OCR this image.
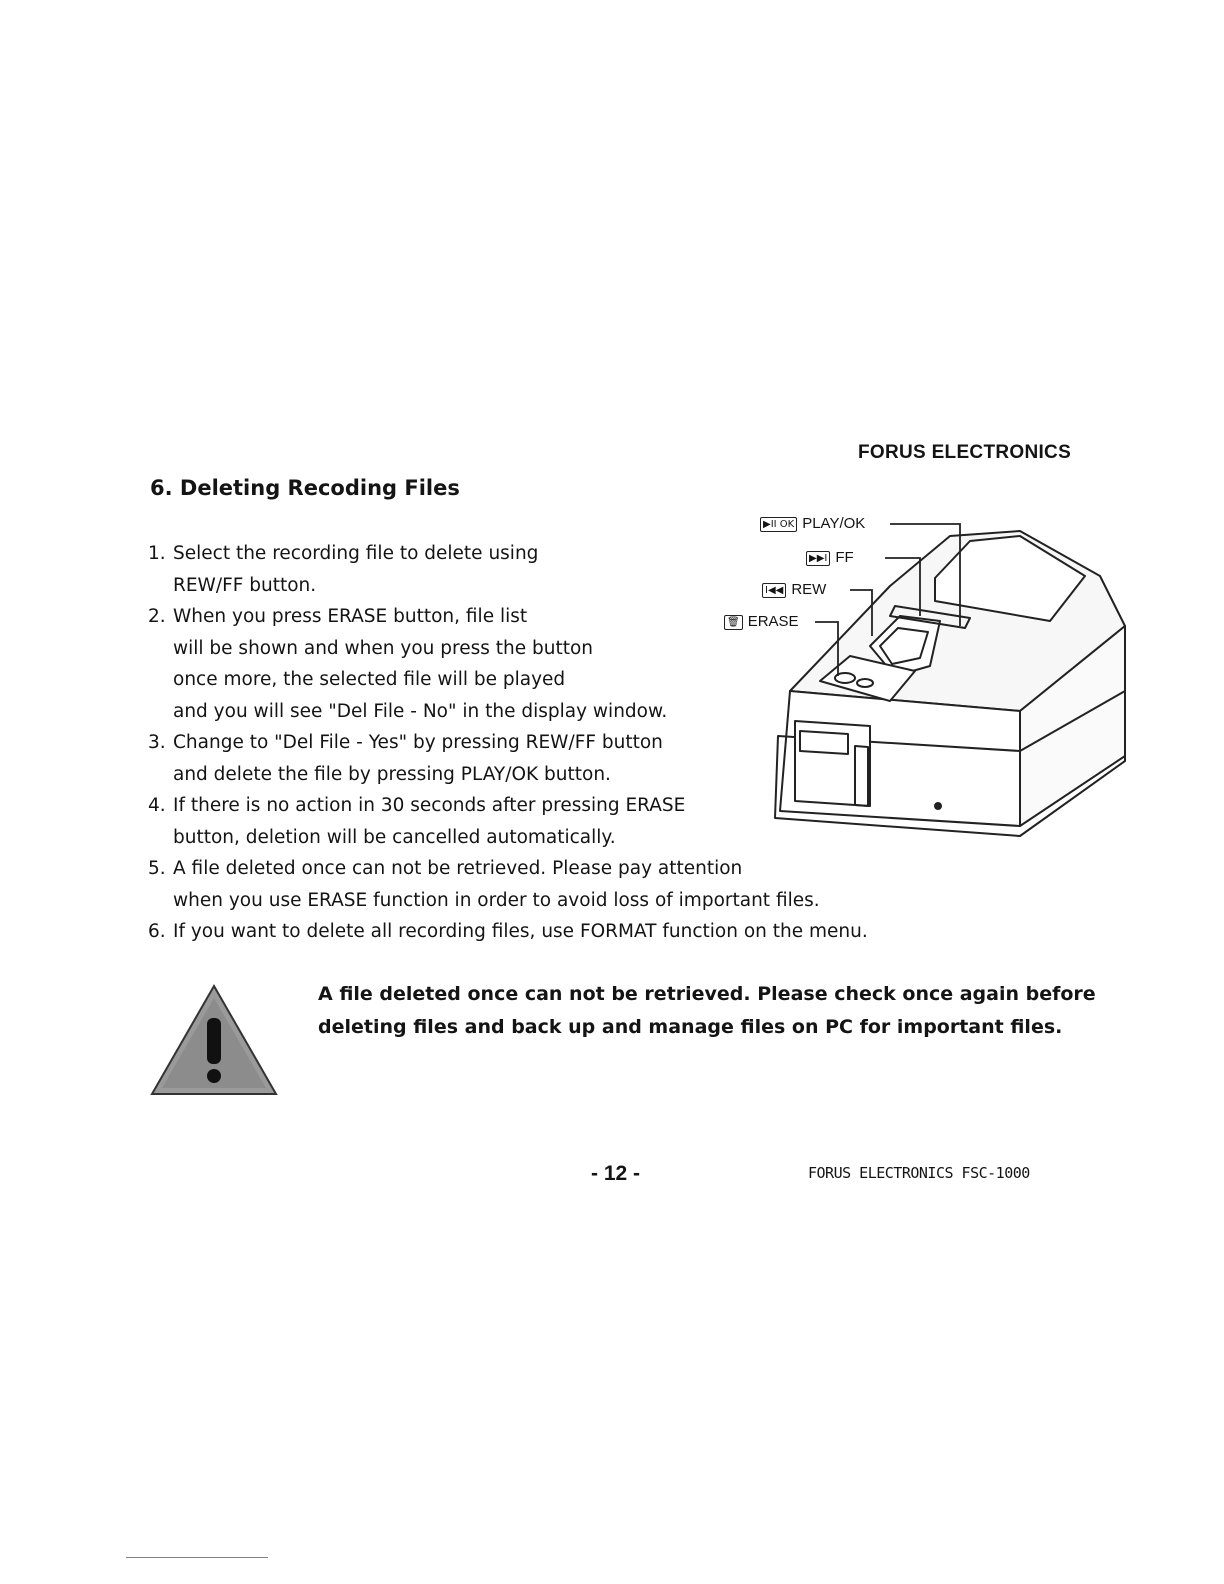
FORUS ELECTRONICS
6. Deleting Recoding Files
1. Select the recording file to delete using
REW/FF button.
2. When you press ERASE button, file list
will be shown and when you press the button
once more, the selected file will be played
and you will see "Del File - No" in the display window.
3. Change to "Del File - Yes" by pressing REW/FF button
and delete the file by pressing PLAY/OK button.
4. If there is no action in 30 seconds after pressing ERASE
button, deletion will be cancelled automatically.
5. A file deleted once can not be retrieved. Please pay attention
when you use ERASE function in order to avoid loss of important files.
6. If you want to delete all recording files, use FORMAT function on the menu.
▶II OK PLAY/OK
▶▶I FF
I◀◀ REW
🗑 ERASE
A file deleted once can not be retrieved. Please check once again before
deleting files and back up and manage files on PC for important files.
- 12 -	FORUS ELECTRONICS FSC-1000
